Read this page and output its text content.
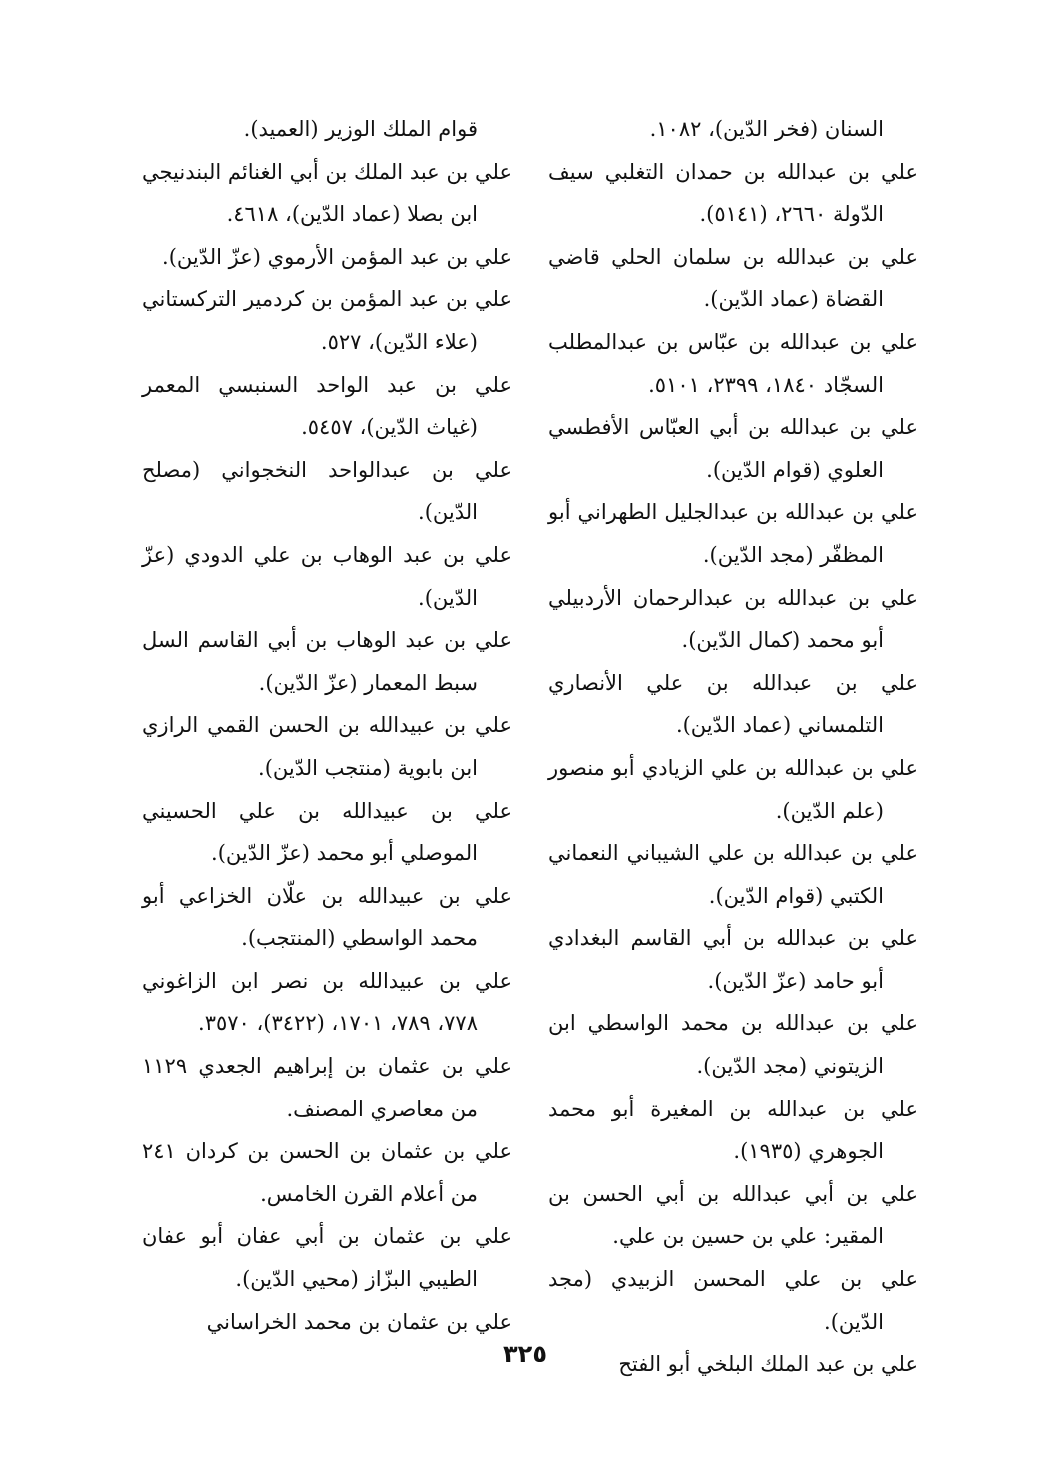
السنان (فخر الدّين)، ١٠٨٢.

علي بن عبدالله بن حمدان التغلبي سيف الدّولة ٢٦٦٠، (٥١٤١).

علي بن عبدالله بن سلمان الحلي قاضي القضاة (عماد الدّين).

علي بن عبدالله بن عبّاس بن عبدالمطلب السجّاد ١٨٤٠، ٢٣٩٩، ٥١٠١.

علي بن عبدالله بن أبي العبّاس الأفطسي العلوي (قوام الدّين).

علي بن عبدالله بن عبدالجليل الطهراني أبو المظفّر (مجد الدّين).

علي بن عبدالله بن عبدالرحمان الأردبيلي أبو محمد (كمال الدّين).

علي بن عبدالله بن علي الأنصاري التلمساني (عماد الدّين).

علي بن عبدالله بن علي الزيادي أبو منصور (علم الدّين).

علي بن عبدالله بن علي الشيباني النعماني الكتبي (قوام الدّين).

علي بن عبدالله بن أبي القاسم البغدادي أبو حامد (عزّ الدّين).

علي بن عبدالله بن محمد الواسطي ابن الزيتوني (مجد الدّين).

علي بن عبدالله بن المغيرة أبو محمد الجوهري (١٩٣٥).

علي بن أبي عبدالله بن أبي الحسن بن المقير: علي بن حسين بن علي.

علي بن علي المحسن الزبيدي (مجد الدّين).

علي بن عبد الملك البلخي أبو الفتح

قوام الملك الوزير (العميد).

علي بن عبد الملك بن أبي الغنائم البندنيجي ابن بصلا (عماد الدّين)، ٤٦١٨.

علي بن عبد المؤمن الأرموي (عزّ الدّين).

علي بن عبد المؤمن بن كردمير التركستاني (علاء الدّين)، ٥٢٧.

علي بن عبد الواحد السنبسي المعمر (غياث الدّين)، ٥٤٥٧.

علي بن عبدالواحد النخجواني (مصلح الدّين).

علي بن عبد الوهاب بن علي الدودي (عزّ الدّين).

علي بن عبد الوهاب بن أبي القاسم السل سبط المعمار (عزّ الدّين).

علي بن عبيدالله بن الحسن القمي الرازي ابن بابوية (منتجب الدّين).

علي بن عبيدالله بن علي الحسيني الموصلي أبو محمد (عزّ الدّين).

علي بن عبيدالله بن علّان الخزاعي أبو محمد الواسطي (المنتجب).

علي بن عبيدالله بن نصر ابن الزاغوني ٧٧٨، ٧٨٩، ١٧٠١، (٣٤٢٢)، ٣٥٧٠.

علي بن عثمان بن إبراهيم الجعدي ١١٢٩ من معاصري المصنف.

علي بن عثمان بن الحسن بن كردان ٢٤١ من أعلام القرن الخامس.

علي بن عثمان بن أبي عفان أبو عفان الطيبي البزّاز (محيي الدّين).

علي بن عثمان بن محمد الخراساني

٣٢٥
